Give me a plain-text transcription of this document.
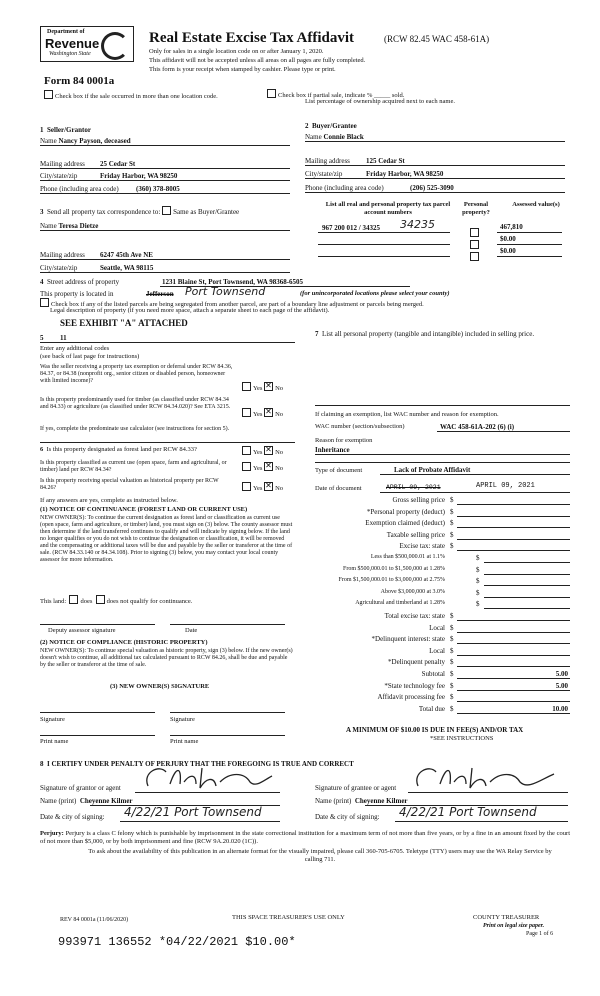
Department of
Revenue
Washington State
Real Estate Excise Tax Affidavit	(RCW 82.45 WAC 458-61A)
Only for sales in a single location code on or after January 1, 2020.
This affidavit will not be accepted unless all areas on all pages are fully completed.
This form is your receipt when stamped by cashier. Please type or print.
Form 84 0001a
Check box if the sale occurred in more than one location code.	Check box if partial sale, indicate % _____ sold.
List percentage of ownership acquired next to each name.
1 Seller/Grantor
Name Nancy Payson, deceased
Mailing address 25 Cedar St
City/state/zip	Friday Harbor, WA 98250
Phone (including area code) (360) 378-8005
2 Buyer/Grantee
Name Connie Black
Mailing address 125 Cedar St
City/state/zip	Friday Harbor, WA 98250
Phone (including area code)	(206) 525-3090
3 Send all property tax correspondence to: Same as Buyer/Grantee
Name Teresa Dietze
Mailing address 6247 45th Ave NE
City/state/zip	Seattle, WA 98115
List all real and personal property tax parcel account numbers
Personal property?
Assessed value(s)
967 200 012 / 34325 34235	467,810
$0.00
$0.00
4 Street address of property	1231 Blaine St, Port Townsend, WA 98368-6505
This property is located in	Jefferson Port Townsend	(for unincorporated locations please select your county)
Check box if any of the listed parcels are being segregated from another parcel, are part of a boundary line adjustment or parcels being merged.
Legal description of property (if you need more space, attach a separate sheet to each page of the affidavit).
SEE EXHIBIT "A" ATTACHED
5 11
Enter any additional codes
(see back of last page for instructions)
Was the seller receiving a property tax exemption or deferral under RCW 84.36, 84.37, or 84.38 (nonprofit org., senior citizen or disabled person, homeowner with limited income)?
Yes ✕ No
Is this property predominantly used for timber (as classified under RCW 84.34 and 84.33) or agriculture (as classified under RCW 84.34.020)? See ETA 3215.
Yes ✕ No
If yes, complete the predominate use calculator (see instructions for section 5).
6 Is this property designated as forest land per RCW 84.33?	Yes ✕ No
Is this property classified as current use (open space, farm and agricultural, or timber) land per RCW 84.34?	Yes ✕ No
Is this property receiving special valuation as historical property per RCW 84.26?	Yes ✕ No
If any answers are yes, complete as instructed below.
(1) NOTICE OF CONTINUANCE (FOREST LAND OR CURRENT USE)
NEW OWNER(S): To continue the current designation as forest land or classification as current use (open space, farm and agriculture, or timber) land, you must sign on (3) below. The county assessor must then determine if the land transferred continues to qualify and will indicate by signing below. If the land no longer qualifies or you do not wish to continue the designation or classification, it will be removed and the compensating or additional taxes will be due and payable by the seller or transferor at the time of sale. (RCW 84.33.140 or 84.34.108). Prior to signing (3) below, you may contact your local county assessor for more information.
This land: does does not qualify for continuance.
Deputy assessor signature	Date
(2) NOTICE OF COMPLIANCE (HISTORIC PROPERTY)
NEW OWNER(S): To continue special valuation as historic property, sign (3) below. If the new owner(s) doesn't wish to continue, all additional tax calculated pursuant to RCW 84.26, shall be due and payable by the seller or transferor at the time of sale.
(3) NEW OWNER(S) SIGNATURE
Signature	Signature
Print name	Print name
7 List all personal property (tangible and intangible) included in selling price.
If claiming an exemption, list WAC number and reason for exemption.
WAC number (section/subsection)	WAC 458-61A-202 (6) (i)
Reason for exemption
Inheritance
Type of document	Lack of Probate Affidavit
Date of document	APRIL 09, 2021	APRIL 09, 2021
Gross selling price $
*Personal property (deduct) $
Exemption claimed (deduct) $
Taxable selling price $
Excise tax: state $
Less than $500,000.01 at 1.1%	$
From $500,000.01 to $1,500,000 at 1.28%	$
From $1,500,000.01 to $3,000,000 at 2.75%	$
Above $3,000,000 at 3.0%	$
Agricultural and timberland at 1.28%	$
Total excise tax: state $
Local $
*Delinquent interest: state $
Local $
*Delinquent penalty $
Subtotal $	5.00
*State technology fee $	5.00
Affidavit processing fee $
Total due $	10.00
A MINIMUM OF $10.00 IS DUE IN FEE(S) AND/OR TAX
*SEE INSTRUCTIONS
8 I CERTIFY UNDER PENALTY OF PERJURY THAT THE FOREGOING IS TRUE AND CORRECT
Signature of grantor or agent
Name (print) Cheyenne Kilmer
Date & city of signing: 4/22/21 Port Townsend
Signature of grantee or agent
Name (print) Cheyenne Kilmer
Date & city of signing: 4/22/21 Port Townsend
Perjury: Perjury is a class C felony which is punishable by imprisonment in the state correctional institution for a maximum term of not more than five years, or by a fine in an amount fixed by the court of not more than $5,000, or by both imprisonment and fine (RCW 9A.20.020 (1C)).
To ask about the availability of this publication in an alternate format for the visually impaired, please call 360-705-6705. Teletype (TTY) users may use the WA Relay Service by calling 711.
REV 84 0001a (11/06/2020)	THIS SPACE TREASURER'S USE ONLY	COUNTY TREASURER
Print on legal size paper.
Page 1 of 6
993971 136552 *04/22/2021 $10.00*
